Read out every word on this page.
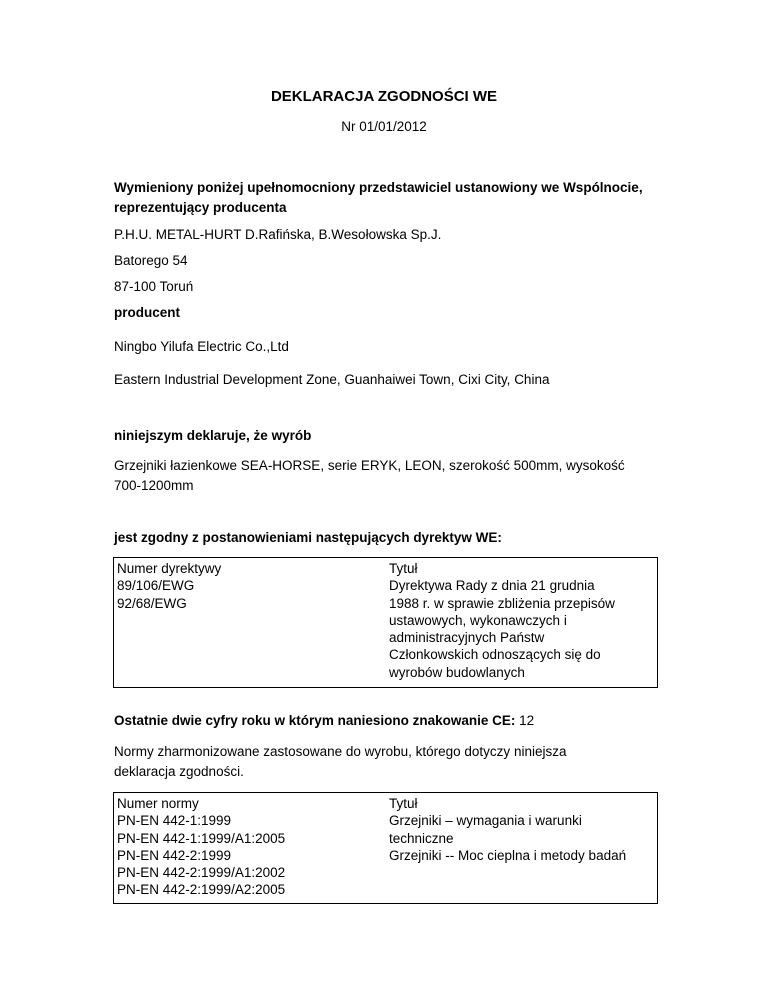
DEKLARACJA ZGODNOŚCI WE
Nr 01/01/2012
Wymieniony poniżej upełnomocniony przedstawiciel ustanowiony we Wspólnocie,
reprezentujący producenta
P.H.U. METAL-HURT D.Rafińska, B.Wesołowska Sp.J.
Batorego 54
87-100 Toruń
producent
Ningbo Yilufa Electric Co.,Ltd
Eastern Industrial Development Zone, Guanhaiwei Town, Cixi City, China
niniejszym deklaruje, że wyrób
Grzejniki łazienkowe SEA-HORSE, serie ERYK, LEON, szerokość 500mm, wysokość
700-1200mm
jest zgodny z postanowieniami następujących dyrektyw WE:
Numer dyrektywy
89/106/EWG
92/68/EWG
Tytuł
Dyrektywa Rady z dnia 21 grudnia
1988 r. w sprawie zbliżenia przepisów
ustawowych, wykonawczych i
administracyjnych Państw
Członkowskich odnoszących się do
wyrobów budowlanych
Ostatnie dwie cyfry roku w którym naniesiono znakowanie CE: 12
Normy zharmonizowane zastosowane do wyrobu, którego dotyczy niniejsza
deklaracja zgodności.
Numer normy
PN-EN 442-1:1999
PN-EN 442-1:1999/A1:2005
PN-EN 442-2:1999
PN-EN 442-2:1999/A1:2002
PN-EN 442-2:1999/A2:2005
Tytuł
Grzejniki – wymagania i warunki
techniczne
Grzejniki -- Moc cieplna i metody badań
